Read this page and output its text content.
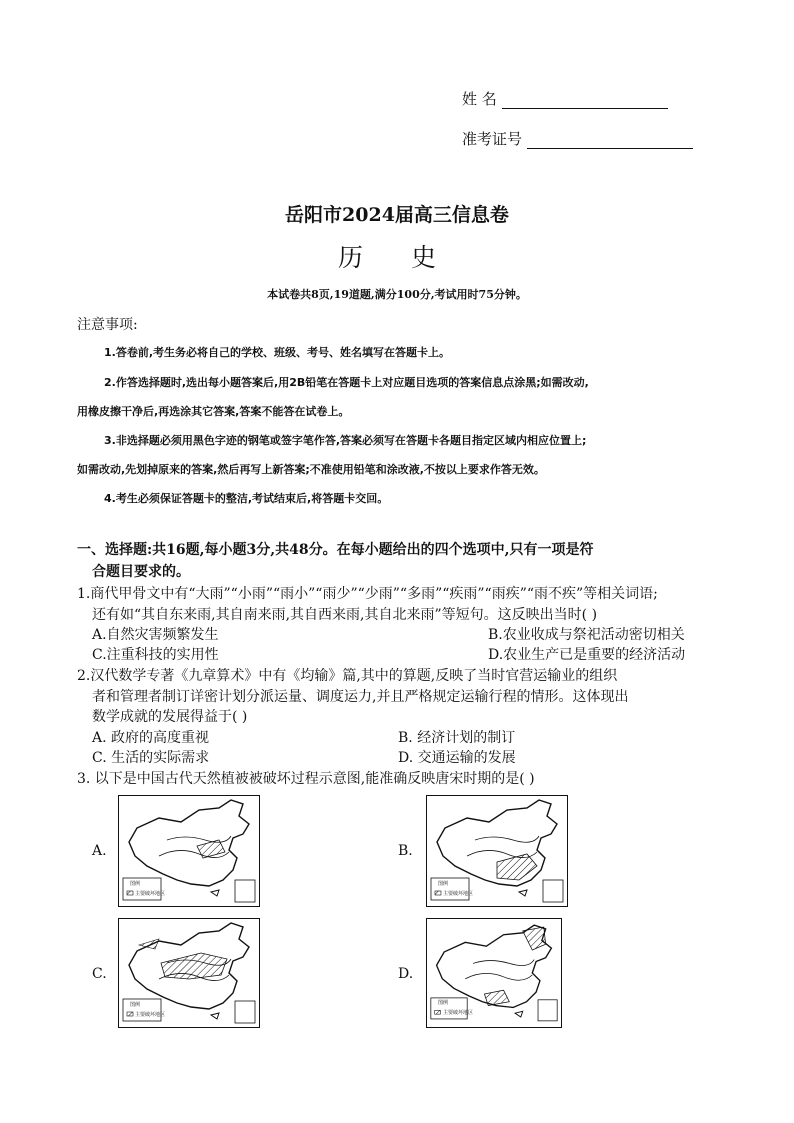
姓 名
准考证号
岳阳市2024届高三信息卷
历 史
本试卷共8页,19道题,满分100分,考试用时75分钟。
注意事项:
1.答卷前,考生务必将自己的学校、班级、考号、姓名填写在答题卡上。
2.作答选择题时,选出每小题答案后,用2B铅笔在答题卡上对应题目选项的答案信息点涂黑;如需改动,
用橡皮擦干净后,再选涂其它答案,答案不能答在试卷上。
3.非选择题必须用黑色字迹的钢笔或签字笔作答,答案必须写在答题卡各题目指定区域内相应位置上;
如需改动,先划掉原来的答案,然后再写上新答案;不准使用铅笔和涂改液,不按以上要求作答无效。
4.考生必须保证答题卡的整洁,考试结束后,将答题卡交回。
一、选择题:共16题,每小题3分,共48分。在每小题给出的四个选项中,只有一项是符
合题目要求的。
1.商代甲骨文中有“大雨”“小雨”“雨小”“雨少”“少雨”“多雨”“疾雨”“雨疾”“雨不疾”等相关词语;
还有如“其自东来雨,其自南来雨,其自西来雨,其自北来雨”等短句。这反映出当时( )
A.自然灾害频繁发生	B.农业收成与祭祀活动密切相关
C.注重科技的实用性	D.农业生产已是重要的经济活动
2.汉代数学专著《九章算术》中有《均输》篇,其中的算题,反映了当时官营运输业的组织
者和管理者制订详密计划分派运量、调度运力,并且严格规定运输行程的情形。这体现出
数学成就的发展得益于( )
A. 政府的高度重视	B. 经济计划的制订
C. 生活的实际需求	D. 交通运输的发展
3. 以下是中国古代天然植被被破坏过程示意图,能准确反映唐宋时期的是( )
A.
图例
主要破坏地区
B.
图例
主要破坏地区
C.
图例
主要破坏地区
D.
图例
主要破坏地区
